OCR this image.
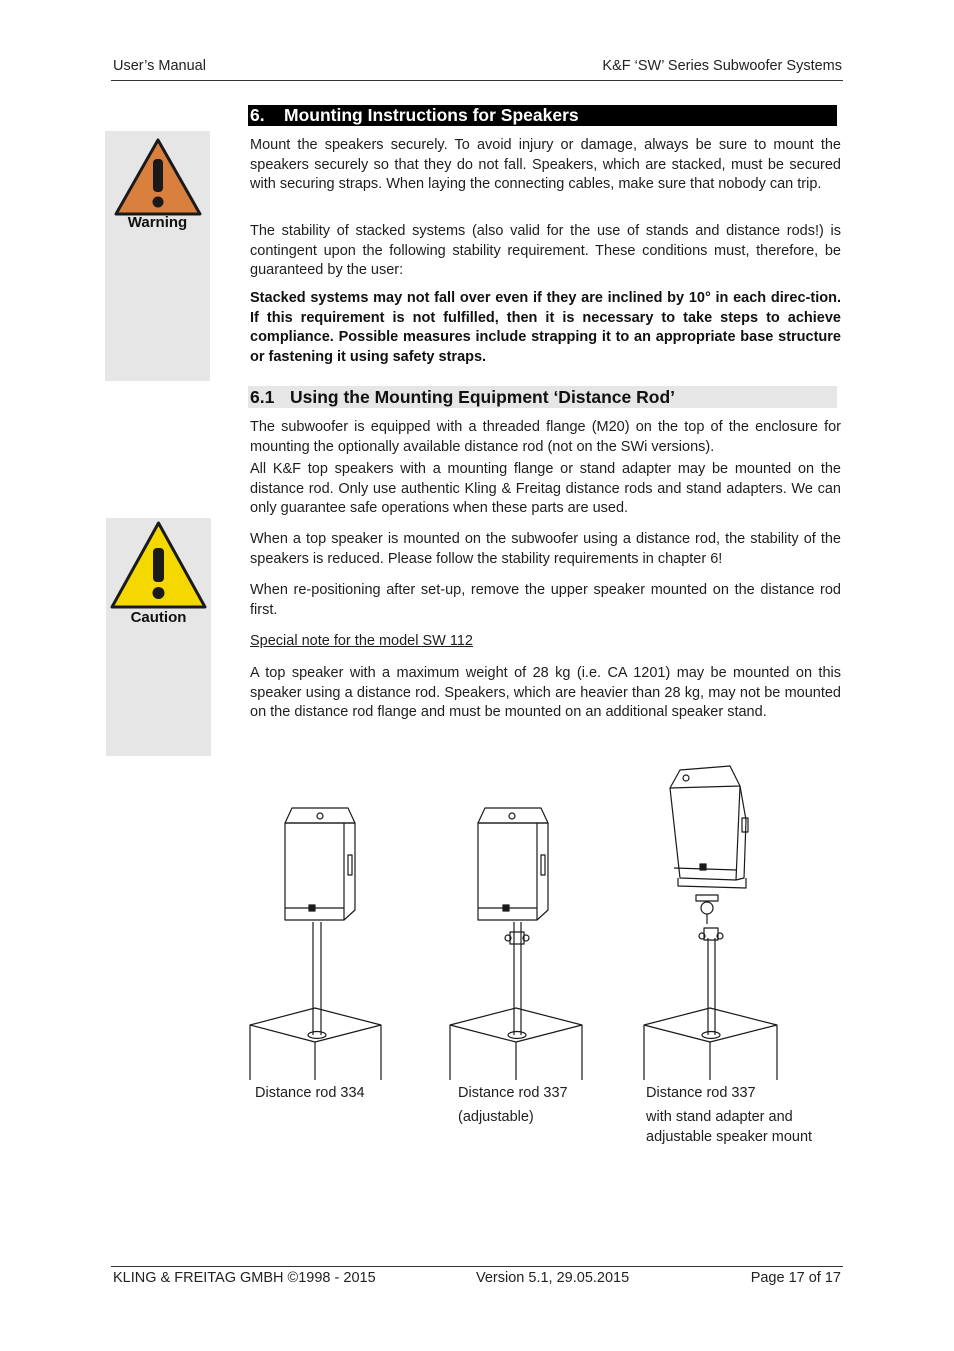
User’s Manual	K&F ‘SW’ Series Subwoofer Systems
Warning
Caution
6. Mounting Instructions for Speakers

Mount the speakers securely. To avoid injury or damage, always be sure to mount the speakers securely so that they do not fall. Speakers, which are stacked, must be secured with securing straps. When laying the connecting cables, make sure that nobody can trip.

The stability of stacked systems (also valid for the use of stands and distance rods!) is contingent upon the following stability requirement. These conditions must, therefore, be guaranteed by the user:

Stacked systems may not fall over even if they are inclined by 10° in each direc-tion. If this requirement is not fulfilled, then it is necessary to take steps to achieve compliance. Possible measures include strapping it to an appropriate base structure or fastening it using safety straps.

6.1 Using the Mounting Equipment ‘Distance Rod’

The subwoofer is equipped with a threaded flange (M20) on the top of the enclosure for mounting the optionally available distance rod (not on the SWi versions).

All K&F top speakers with a mounting flange or stand adapter may be mounted on the distance rod. Only use authentic Kling & Freitag distance rods and stand adapters. We can only guarantee safe operations when these parts are used.

When a top speaker is mounted on the subwoofer using a distance rod, the stability of the speakers is reduced. Please follow the stability requirements in chapter 6!

When re-positioning after set-up, remove the upper speaker mounted on the distance rod first.

Special note for the model SW 112

A top speaker with a maximum weight of 28 kg (i.e. CA 1201) may be mounted on this speaker using a distance rod. Speakers, which are heavier than 28 kg, may not be mounted on the distance rod flange and must be mounted on an additional speaker stand.

Distance rod 334	Distance rod 337
(adjustable)
Distance rod 337
with stand adapter and adjustable speaker mount
KLING & FREITAG GMBH ©1998 - 2015	Version 5.1, 29.05.2015	Page 17 of 17
